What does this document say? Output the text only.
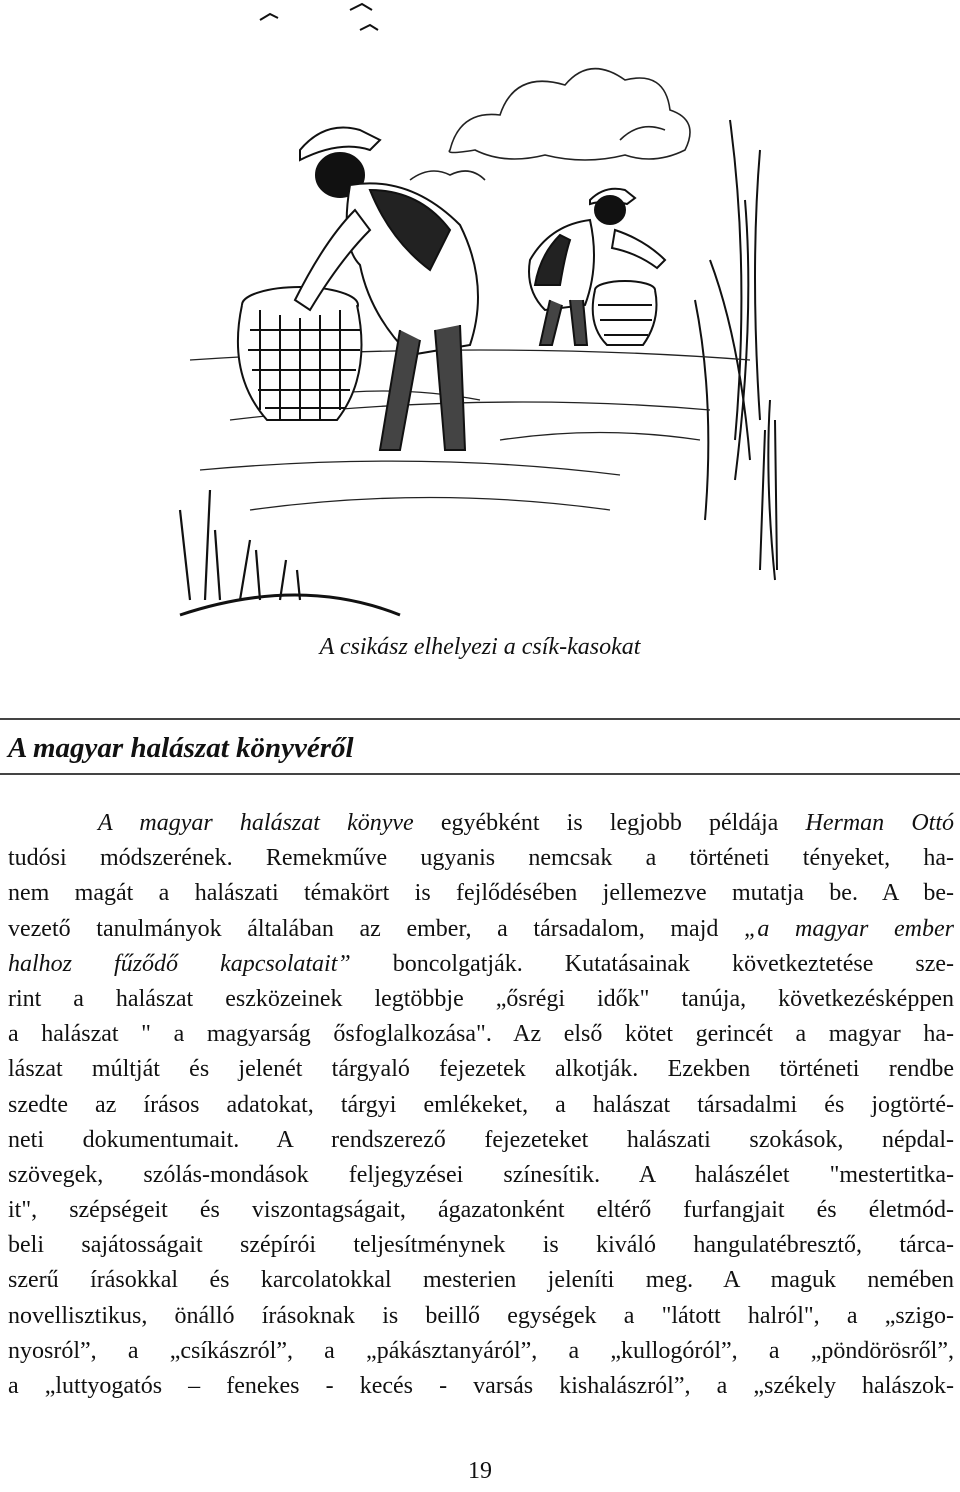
A csikász elhelyezi a csík-kasokat
A magyar halászat könyvéről
A magyar halászat könyve egyébként is legjobb példája Herman Ottó
tudósi módszerének. Remekműve ugyanis nemcsak a történeti tényeket, ha-
nem magát a halászati témakört is fejlődésében jellemezve mutatja be. A be-
vezető tanulmányok általában az ember, a társadalom, majd „a magyar ember
halhoz fűződő kapcsolatait” boncolgatják. Kutatásainak következtetése sze-
rint a halászat eszközeinek legtöbbje „ősrégi idők" tanúja, következésképpen
a halászat " a magyarság ősfoglalkozása". Az első kötet gerincét a magyar ha-
lászat múltját és jelenét tárgyaló fejezetek alkotják. Ezekben történeti rendbe
szedte az írásos adatokat, tárgyi emlékeket, a halászat társadalmi és jogtörté-
neti dokumentumait. A rendszerező fejezeteket halászati szokások, népdal-
szövegek, szólás-mondások feljegyzései színesítik. A halászélet "mestertitka-
it", szépségeit és viszontagságait, ágazatonként eltérő furfangjait és életmód-
beli sajátosságait szépírói teljesítménynek is kiváló hangulatébresztő, tárca-
szerű írásokkal és karcolatokkal mesterien jeleníti meg. A maguk nemében
novellisztikus, önálló írásoknak is beillő egységek a "látott halról", a „szigo-
nyosról”, a „csíkászról”, a „pákásztanyáról”, a „kullogóról”, a „pöndörösről”,
a „luttyogatós – fenekes - kecés - varsás kishalászról”, a „székely halászok-
19
